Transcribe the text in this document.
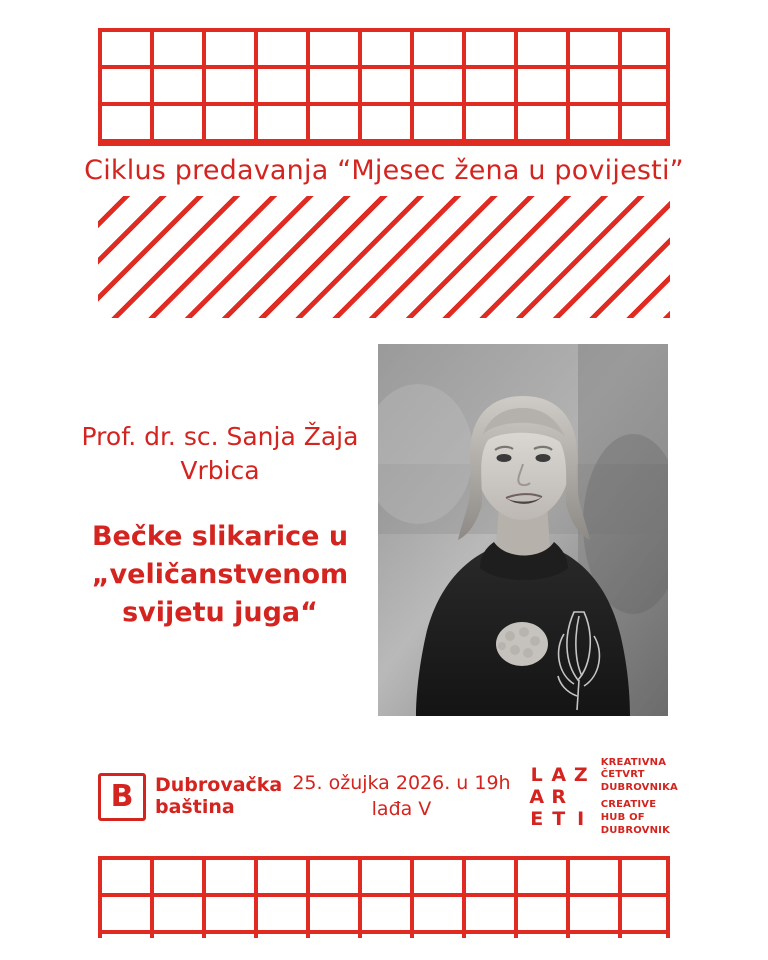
Ciklus predavanja “Mjesec žena u povijesti”

Prof. dr. sc. Sanja Žaja Vrbica

Bečke slikarice u
„veličanstvenom
svijetu juga“

B	Dubrovačka
baština
25. ožujka 2026. u 19h
lađa V
L A Z
A R
E T I
KREATIVNA
ČETVRT
DUBROVNIKA
CREATIVE
HUB OF
DUBROVNIK
